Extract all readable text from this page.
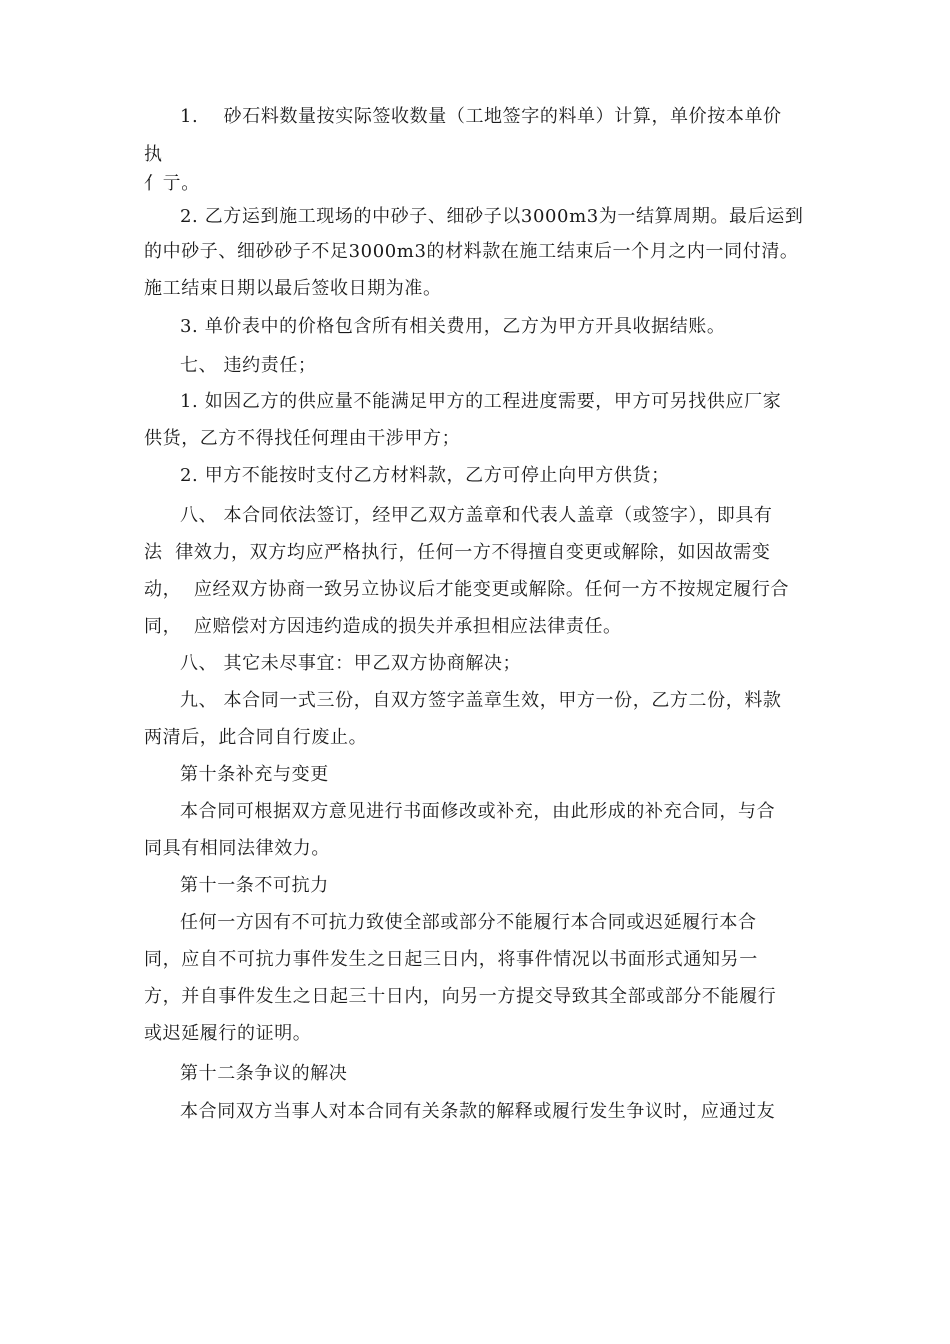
1.    砂石料数量按实际签收数量（工地签字的料单）计算，单价按本单价
执
亻亍。
2. 乙方运到施工现场的中砂子、细砂子以3000m3为一结算周期。最后运到
的中砂子、细砂砂子不足3000m3的材料款在施工结束后一个月之内一同付清。
施工结束日期以最后签收日期为准。
3. 单价表中的价格包含所有相关费用，乙方为甲方开具收据结账。
七、 违约责任；
1. 如因乙方的供应量不能满足甲方的工程进度需要，甲方可另找供应厂家
供货，乙方不得找任何理由干涉甲方；
2. 甲方不能按时支付乙方材料款，乙方可停止向甲方供货；
八、 本合同依法签订，经甲乙双方盖章和代表人盖章（或签字），即具有
法  律效力，双方均应严格执行，任何一方不得擅自变更或解除，如因故需变
动，  应经双方协商一致另立协议后才能变更或解除。任何一方不按规定履行合
同，  应赔偿对方因违约造成的损失并承担相应法律责任。
八、 其它未尽事宜：甲乙双方协商解决；
九、 本合同一式三份，自双方签字盖章生效，甲方一份，乙方二份，料款
两清后，此合同自行废止。
第十条补充与变更
本合同可根据双方意见进行书面修改或补充，由此形成的补充合同，与合
同具有相同法律效力。
第十一条不可抗力
任何一方因有不可抗力致使全部或部分不能履行本合同或迟延履行本合
同，应自不可抗力事件发生之日起三日内，将事件情况以书面形式通知另一
方，并自事件发生之日起三十日内，向另一方提交导致其全部或部分不能履行
或迟延履行的证明。
第十二条争议的解决
本合同双方当事人对本合同有关条款的解释或履行发生争议时，应通过友
